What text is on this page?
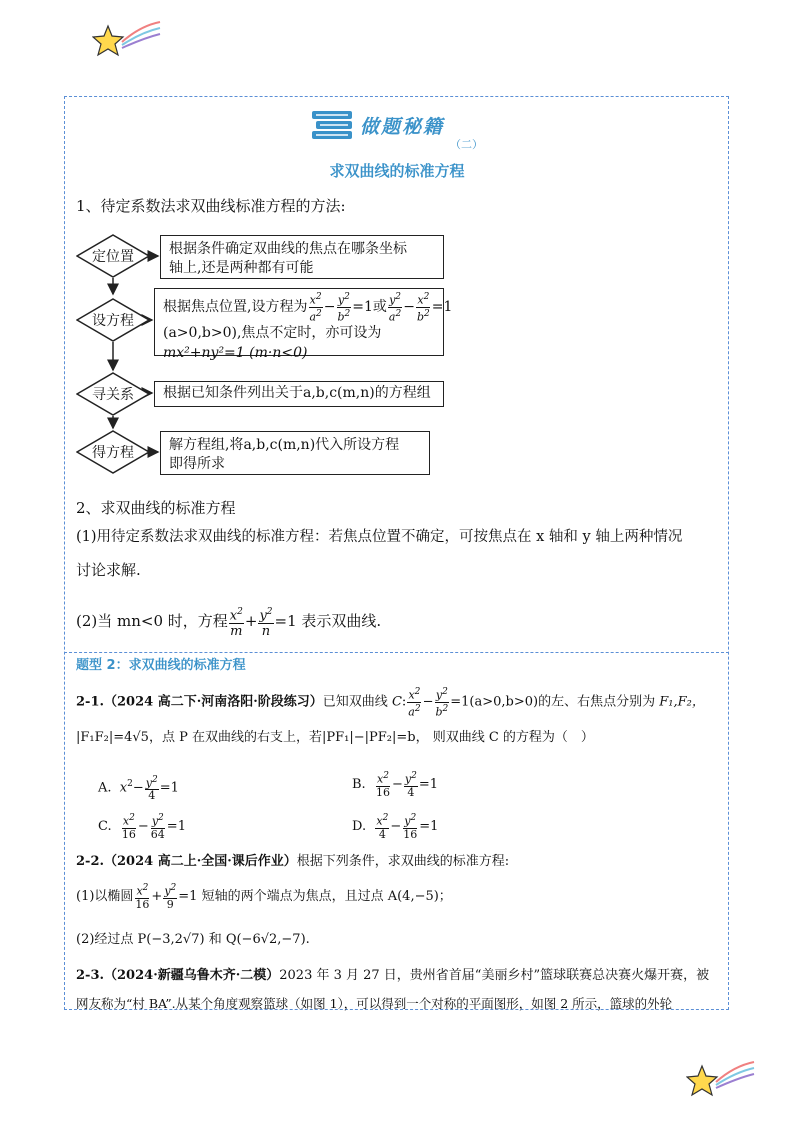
做题秘籍
（二）
求双曲线的标准方程
1、待定系数法求双曲线标准方程的方法:
定位置	根据条件确定双曲线的焦点在哪条坐标
轴上,还是两种都有可能
设方程
根据焦点位置,设方程为 $\frac{x^2}{a^2} - \frac{y^2}{b^2} =1$或 $\frac{y^2}{a^2} - \frac{x^2}{b^2} =1$
(a>0,b>0),焦点不定时，亦可设为
mx²+ny²=1 (m·n<0)
寻关系	根据已知条件列出关于a,b,c(m,n)的方程组
得方程	解方程组,将a,b,c(m,n)代入所设方程
即得所求
2、求双曲线的标准方程
(1)用待定系数法求双曲线的标准方程：若焦点位置不确定，可按焦点在 x 轴和 y 轴上两种情况
讨论求解.
(2)当 mn<0 时，方程 $\frac{x^2}{m} + \frac{y^2}{n} =1$ 表示双曲线.
题型 2：求双曲线的标准方程
2-1.（2024 高二下·河南洛阳·阶段练习）已知双曲线 C: $\frac{x^2}{a^2} - \frac{y^2}{b^2} =1(a>0,b>0)$的左、右焦点分别为 F₁,F₂，
|F₁F₂|=4√5，点 P 在双曲线的右支上，若|PF₁|−|PF₂|=b， 则双曲线 C 的方程为（　）
A. $x^2- \frac{y^2}{4} =1$	B. $\frac{x^2}{16} - \frac{y^2}{4} =1$
C. $\frac{x^2}{16} - \frac{y^2}{64} =1$	D. $\frac{x^2}{4} - \frac{y^2}{16} =1$
2-2.（2024 高二上·全国·课后作业）根据下列条件，求双曲线的标准方程:
(1)以椭圆 $\frac{x^2}{16} + \frac{y^2}{9} =1$ 短轴的两个端点为焦点，且过点 A(4,−5)；
(2)经过点 P(−3,2√7) 和 Q(−6√2,−7).
2-3.（2024·新疆乌鲁木齐·二模）2023 年 3 月 27 日，贵州省首届“美丽乡村”篮球联赛总决赛火爆开赛，被
网友称为“村 BA”.从某个角度观察篮球（如图 1），可以得到一个对称的平面图形，如图 2 所示，篮球的外轮
